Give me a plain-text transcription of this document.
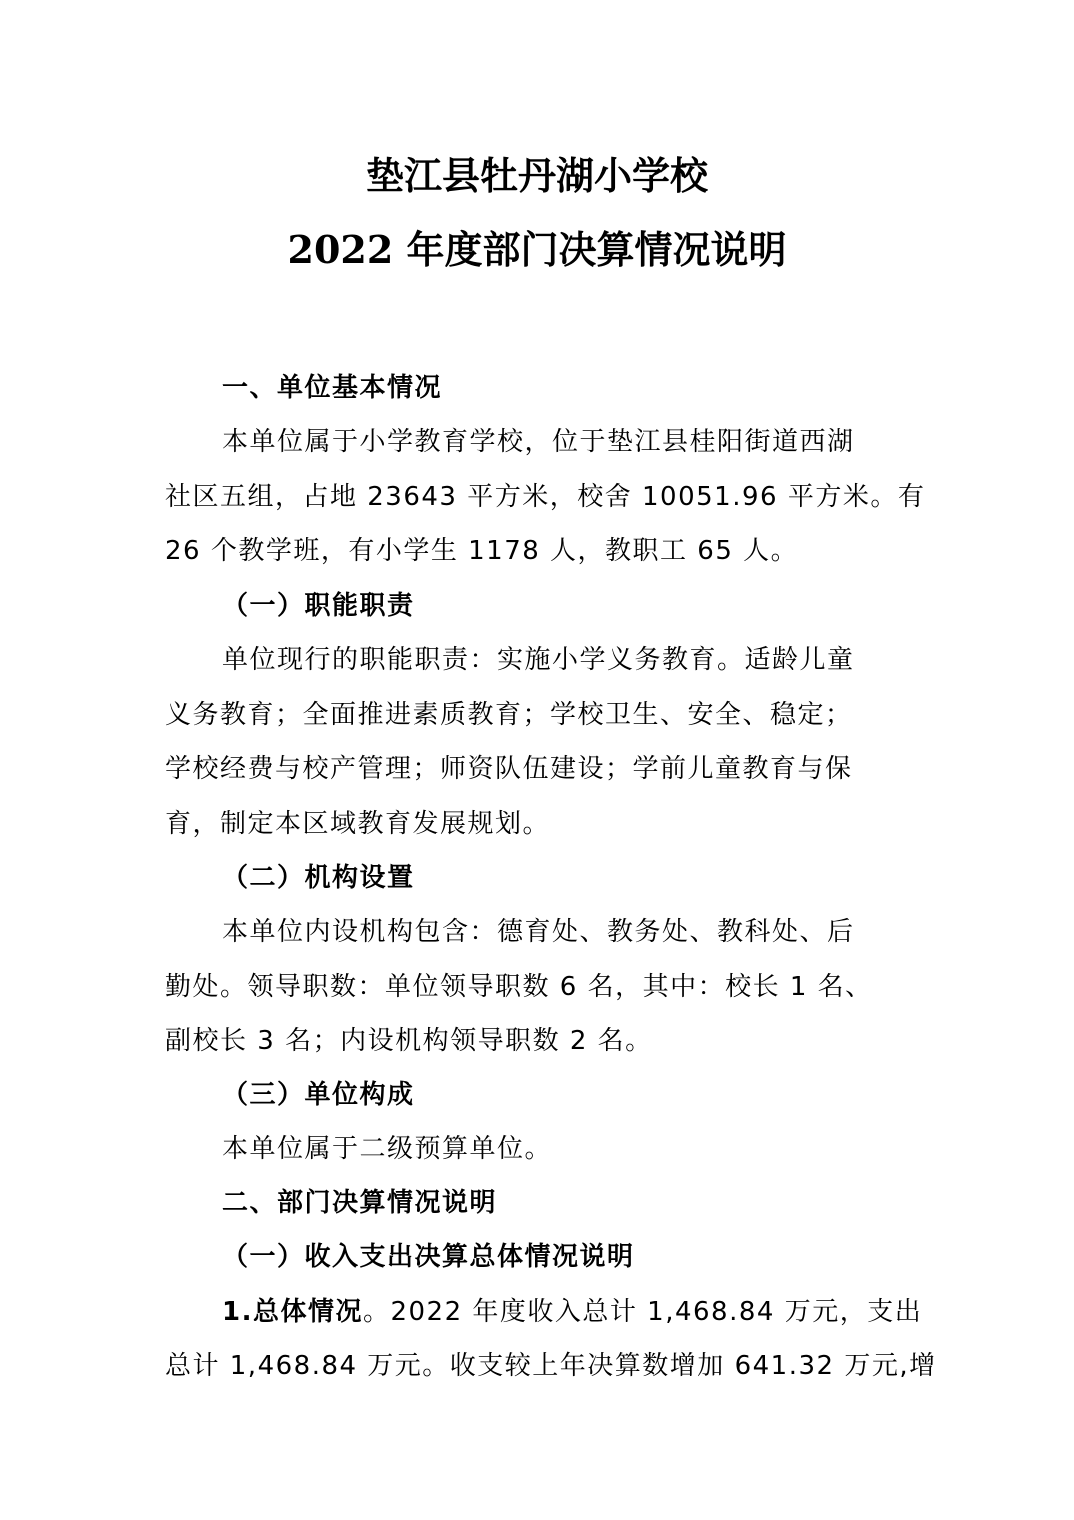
垫江县牡丹湖小学校
2022 年度部门决算情况说明
一、单位基本情况
本单位属于小学教育学校，位于垫江县桂阳街道西湖
社区五组，占地 23643 平方米，校舍 10051.96 平方米。有
26 个教学班，有小学生 1178 人，教职工 65 人。
（一）职能职责
单位现行的职能职责：实施小学义务教育。适龄儿童
义务教育；全面推进素质教育；学校卫生、安全、稳定；
学校经费与校产管理；师资队伍建设；学前儿童教育与保
育，制定本区域教育发展规划。
（二）机构设置
本单位内设机构包含：德育处、教务处、教科处、后
勤处。领导职数：单位领导职数 6 名，其中：校长 1 名、
副校长 3 名；内设机构领导职数 2 名。
（三）单位构成
本单位属于二级预算单位。
二、部门决算情况说明
（一）收入支出决算总体情况说明
1.总体情况。2022 年度收入总计 1,468.84 万元，支出
总计 1,468.84 万元。收支较上年决算数增加 641.32 万元,增
